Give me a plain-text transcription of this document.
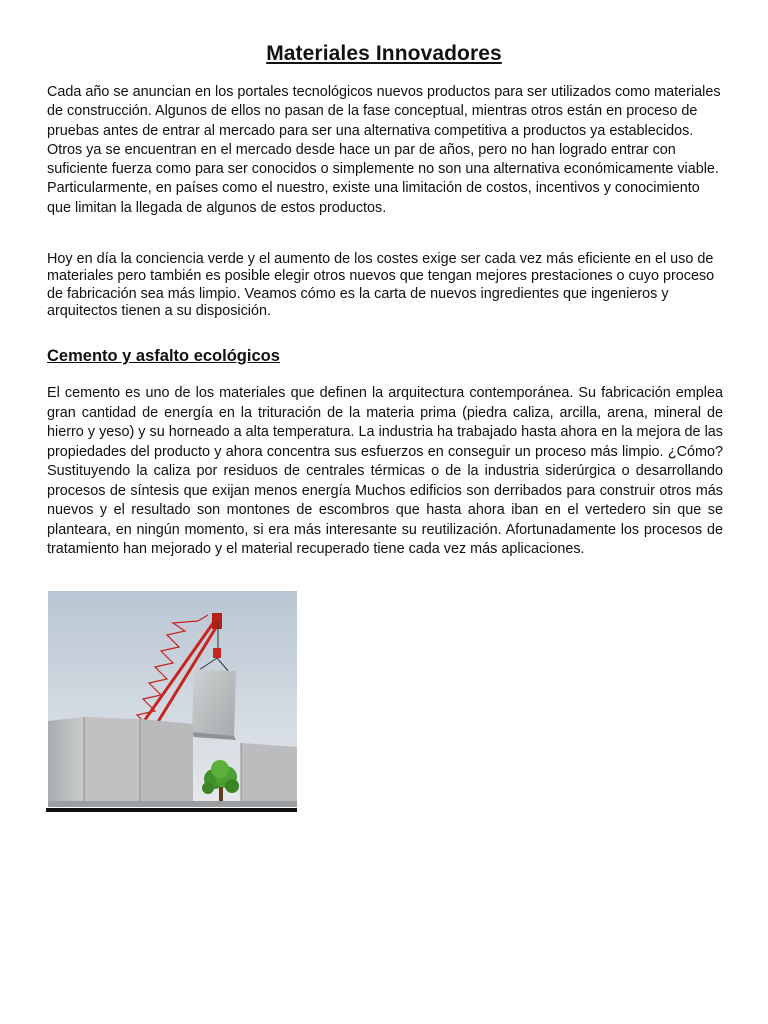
Materiales Innovadores

Cada año se anuncian en los portales tecnológicos nuevos productos para ser utilizados como materiales de construcción. Algunos de ellos no pasan de la fase conceptual, mientras otros están en proceso de pruebas antes de entrar al mercado para ser una alternativa competitiva a productos ya establecidos. Otros ya se encuentran en el mercado desde hace un par de años, pero no han logrado entrar con suficiente fuerza como para ser conocidos o simplemente no son una alternativa económicamente viable. Particularmente, en países como el nuestro, existe una limitación de costos, incentivos y conocimiento que limitan la llegada de algunos de estos productos.

Hoy en día la conciencia verde y el aumento de los costes exige ser cada vez más eficiente en el uso de materiales pero también es posible elegir otros nuevos que tengan mejores prestaciones o cuyo proceso de fabricación sea más limpio. Veamos cómo es la carta de nuevos ingredientes que ingenieros y arquitectos tienen a su disposición.

Cemento y asfalto ecológicos

El cemento es uno de los materiales que definen la arquitectura contemporánea. Su fabricación emplea gran cantidad de energía en la trituración de la materia prima (piedra caliza, arcilla, arena, mineral de hierro y yeso) y su horneado a alta temperatura. La industria ha trabajado hasta ahora en la mejora de las propiedades del producto y ahora concentra sus esfuerzos en conseguir un proceso más limpio. ¿Cómo? Sustituyendo la caliza por residuos de centrales térmicas o de la industria siderúrgica o desarrollando procesos de síntesis que exijan menos energía Muchos edificios son derribados para construir otros más nuevos y el resultado son montones de escombros que hasta ahora iban en el vertedero sin que se planteara, en ningún momento, si era más interesante su reutilización. Afortunadamente los procesos de tratamiento han mejorado y el material recuperado tiene cada vez más aplicaciones.
